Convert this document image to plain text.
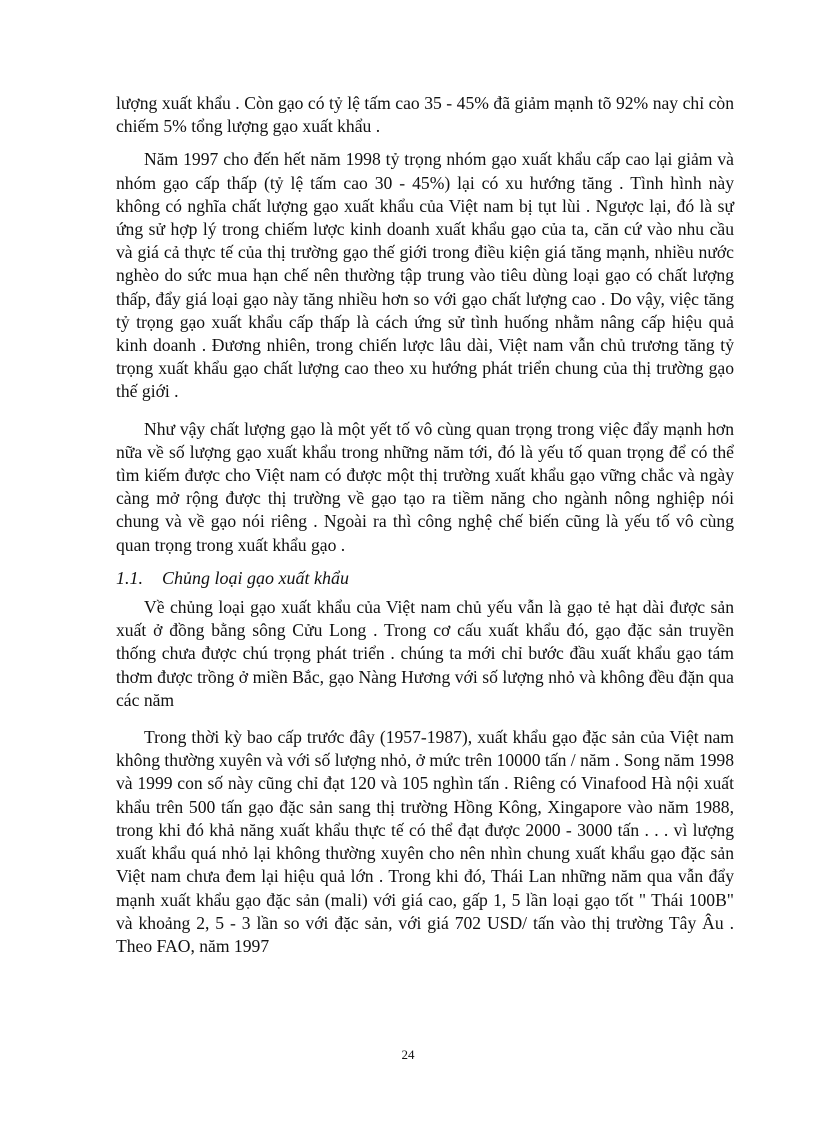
lượng xuất khẩu . Còn gạo có tỷ lệ tấm cao 35 - 45% đã giảm mạnh tõ 92% nay chỉ còn chiếm 5% tổng lượng gạo xuất khẩu .

Năm 1997 cho đến hết năm 1998 tỷ trọng nhóm gạo xuất khẩu cấp cao lại giảm và nhóm gạo cấp thấp (tỷ lệ tấm cao 30 - 45%) lại có xu hướng tăng . Tình hình này không có nghĩa chất lượng gạo xuất khẩu của Việt nam bị tụt lùi . Ngược lại, đó là sự ứng sử hợp lý trong chiếm lược kinh doanh xuất khẩu gạo của ta, căn cứ vào nhu cầu và giá cả thực tế của thị trường gạo thế giới trong điều kiện giá tăng mạnh, nhiều nước nghèo do sức mua hạn chế nên thường tập trung vào tiêu dùng loại gạo có chất lượng thấp, đẩy giá loại gạo này tăng nhiều hơn so với gạo chất lượng cao . Do vậy, việc tăng tỷ trọng gạo xuất khẩu cấp thấp là cách ứng sử tình huống nhằm nâng cấp hiệu quả kinh doanh . Đương nhiên, trong chiến lược lâu dài, Việt nam vẫn chủ trương tăng tỷ trọng xuất khẩu gạo chất lượng cao theo xu hướng phát triển chung của thị trường gạo thế giới .

Như vậy chất lượng gạo là một yết tố vô cùng quan trọng trong việc đẩy mạnh hơn nữa về số lượng gạo xuất khẩu trong những năm tới, đó là yếu tố quan trọng để có thể tìm kiếm được cho Việt nam có được một thị trường xuất khẩu gạo vững chắc và ngày càng mở rộng được thị trường về gạo tạo ra tiềm năng cho ngành nông nghiệp nói chung và về gạo nói riêng . Ngoài ra thì công nghệ chế biến cũng là yếu tố vô cùng quan trọng trong xuất khẩu gạo .

1.1.	Chủng loại gạo xuất khẩu

Về chủng loại gạo xuất khẩu của Việt nam chủ yếu vẫn là gạo tẻ hạt dài được sản xuất ở đồng bằng sông Cửu Long . Trong cơ cấu xuất khẩu đó, gạo đặc sản truyền thống chưa được chú trọng phát triển . chúng ta mới chỉ bước đầu xuất khẩu gạo tám thơm được trồng ở miền Bắc, gạo Nàng Hương với số lượng nhỏ và không đều đặn qua các năm

Trong thời kỳ bao cấp trước đây (1957-1987), xuất khẩu gạo đặc sản của Việt nam không thường xuyên và với số lượng nhỏ, ở mức trên 10000 tấn / năm . Song năm 1998 và 1999 con số này cũng chỉ đạt 120 và 105 nghìn tấn . Riêng có Vinafood Hà nội xuất khẩu trên 500 tấn gạo đặc sản sang thị trường Hồng Kông, Xingapore vào năm 1988, trong khi đó khả năng xuất khẩu thực tế có thể đạt được 2000 - 3000 tấn . . . vì lượng xuất khẩu quá nhỏ lại không thường xuyên cho nên nhìn chung xuất khẩu gạo đặc sản Việt nam chưa đem lại hiệu quả lớn . Trong khi đó, Thái Lan những năm qua vẫn đẩy mạnh xuất khẩu gạo đặc sản (mali) với giá cao, gấp 1, 5 lần loại gạo tốt " Thái 100B" và khoảng 2, 5 - 3 lần so với đặc sản, với giá 702 USD/ tấn vào thị trường Tây Âu . Theo FAO, năm 1997

24
